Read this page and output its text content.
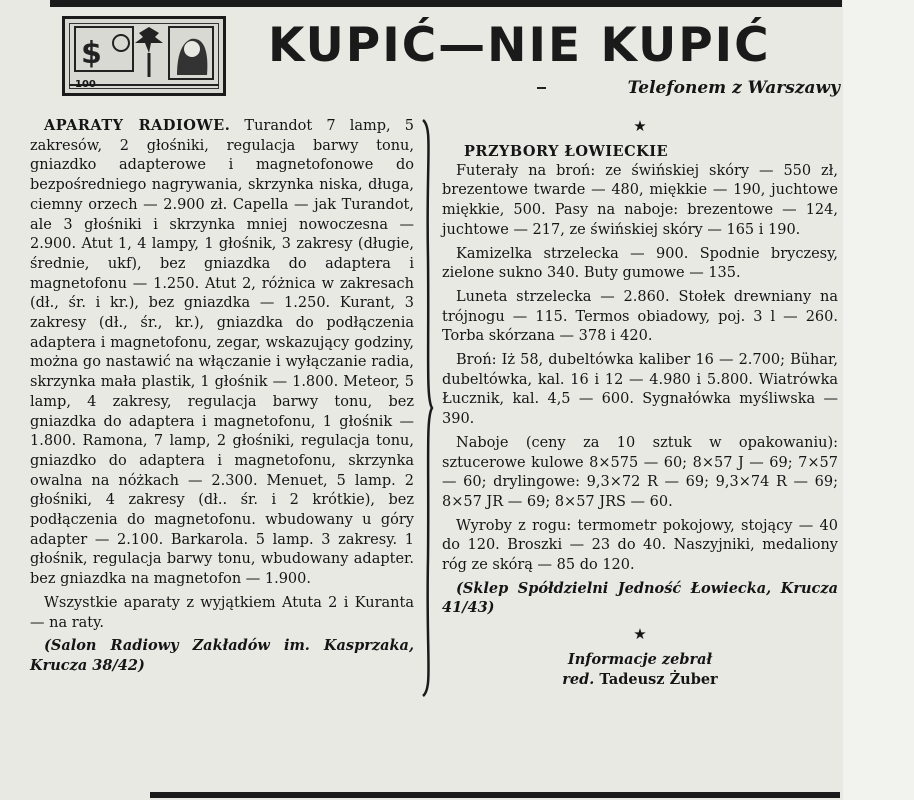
$
100
KUPIĆ—NIE KUPIĆ
Telefonem z Warszawy

APARATY RADIOWE. Turandot 7 lamp, 5 zakresów, 2 głośniki, regulacja barwy tonu, gniazdko adapterowe i magnetofonowe do bezpośredniego nagrywania, skrzynka niska, długa, ciemny orzech — 2.900 zł. Capella — jak Turandot, ale 3 głośniki i skrzynka mniej nowoczesna — 2.900. Atut 1, 4 lampy, 1 głośnik, 3 zakresy (długie, średnie, ukf), bez gniazdka do adaptera i magnetofonu — 1.250. Atut 2, różnica w zakresach (dł., śr. i kr.), bez gniazdka — 1.250. Kurant, 3 zakresy (dł., śr., kr.), gniazdka do podłączenia adaptera i magnetofonu, zegar, wskazujący godziny, można go nastawić na włączanie i wyłączanie radia, skrzynka mała plastik, 1 głośnik — 1.800. Meteor, 5 lamp, 4 zakresy, regulacja barwy tonu, bez gniazdka do adaptera i magnetofonu, 1 głośnik — 1.800. Ramona, 7 lamp, 2 głośniki, regulacja tonu, gniazdko do adaptera i magnetofonu, skrzynka owalna na nóżkach — 2.300. Menuet, 5 lamp. 2 głośniki, 4 zakresy (dł.. śr. i 2 krótkie), bez podłączenia do magnetofonu. wbudowany u góry adapter — 2.100. Barkarola. 5 lamp. 3 zakresy. 1 głośnik, regulacja barwy tonu, wbudowany adapter. bez gniazdka na magnetofon — 1.900.

Wszystkie aparaty z wyjątkiem Atuta 2 i Kuranta — na raty.

(Salon Radiowy Zakładów im. Kasprzaka, Krucza 38/42)

★

PRZYBORY ŁOWIECKIE

Futerały na broń: ze świńskiej skóry — 550 zł, brezentowe twarde — 480, miękkie — 190, juchtowe miękkie, 500. Pasy na naboje: brezentowe — 124, juchtowe — 217, ze świńskiej skóry — 165 i 190.

Kamizelka strzelecka — 900. Spodnie bryczesy, zielone sukno 340. Buty gumowe — 135.

Luneta strzelecka — 2.860. Stołek drewniany na trójnogu — 115. Termos obiadowy, poj. 3 l — 260. Torba skórzana — 378 i 420.

Broń: Iż 58, dubeltówka kaliber 16 — 2.700; Bühar, dubeltówka, kal. 16 i 12 — 4.980 i 5.800. Wiatrówka Łucznik, kal. 4,5 — 600. Sygnałówka myśliwska — 390.

Naboje (ceny za 10 sztuk w opakowaniu): sztucerowe kulowe 8×575 — 60; 8×57 J — 69; 7×57 — 60; drylingowe: 9,3×72 R — 69; 9,3×74 R — 69; 8×57 JR — 69; 8×57 JRS — 60.

Wyroby z rogu: termometr pokojowy, stojący — 40 do 120. Broszki — 23 do 40. Naszyjniki, medaliony róg ze skórą — 85 do 120.

(Sklep Spółdzielni Jedność Łowiecka, Krucza 41/43)

★

Informacje zebrał

red. Tadeusz Żuber
